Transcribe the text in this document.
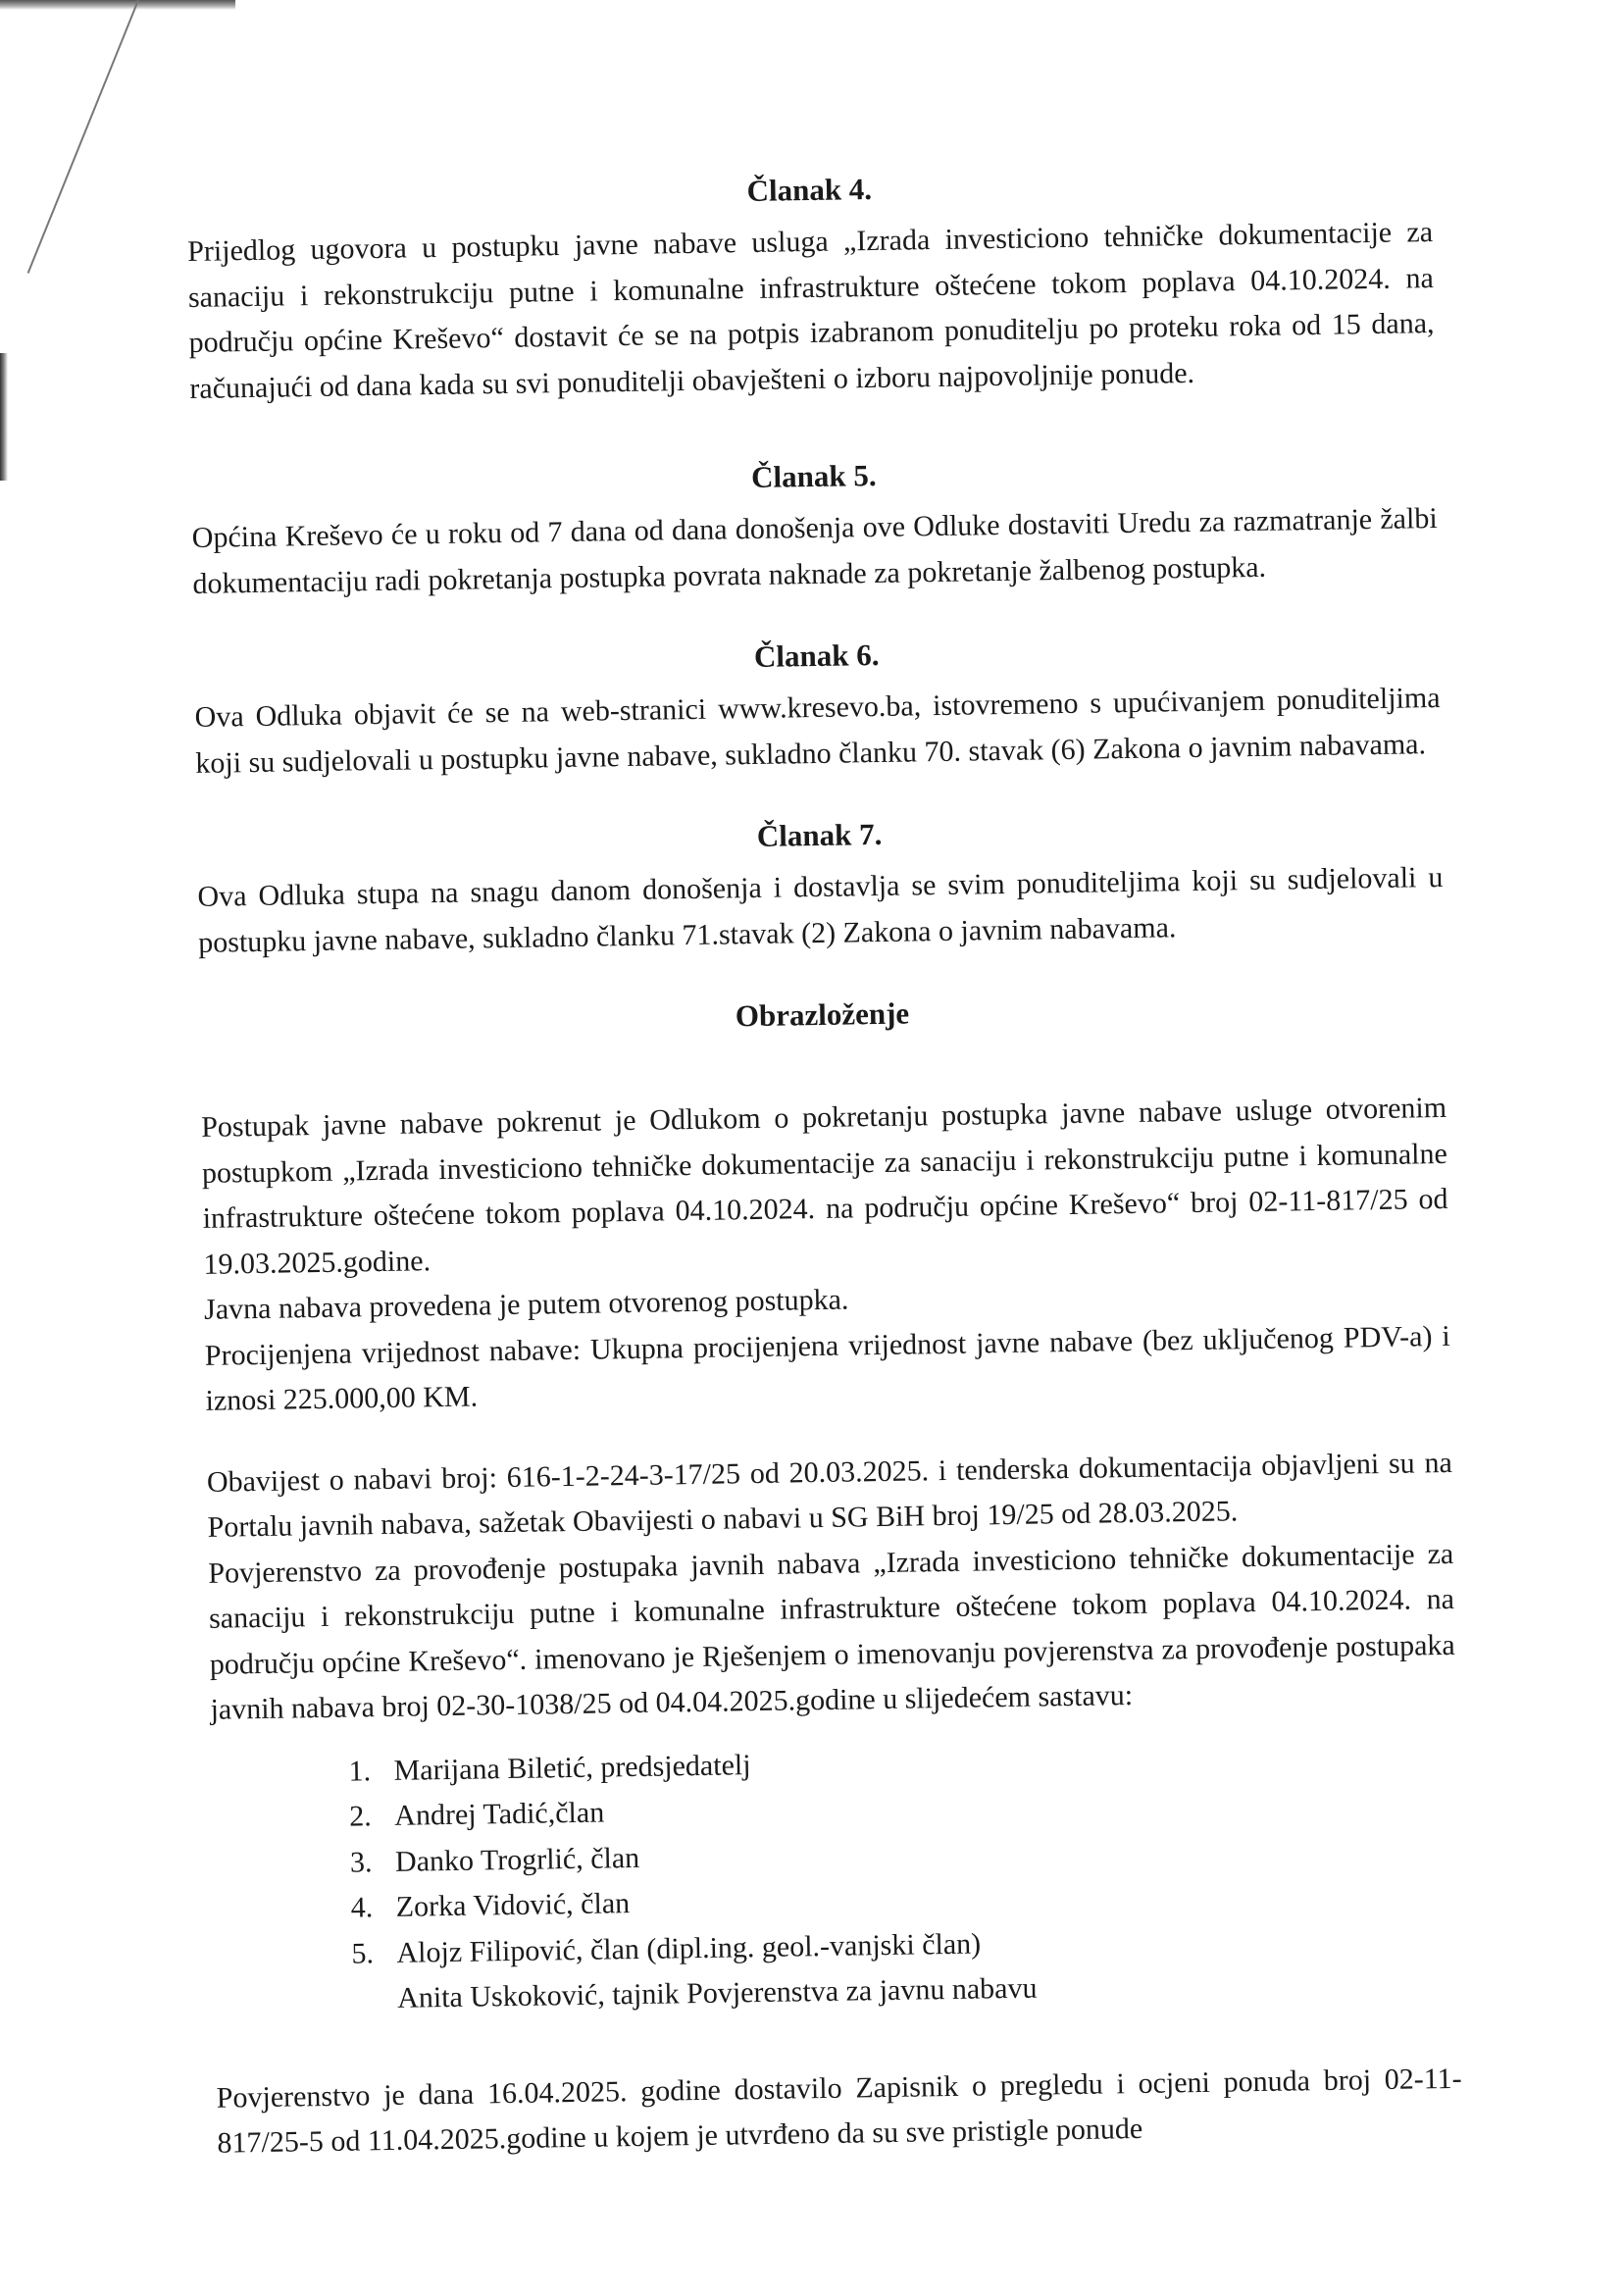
Članak 4.

Prijedlog ugovora u postupku javne nabave usluga „Izrada investiciono tehničke dokumentacije za sanaciju i rekonstrukciju putne i komunalne infrastrukture oštećene tokom poplava 04.10.2024. na području općine Kreševo“ dostavit će se na potpis izabranom ponuditelju po proteku roka od 15 dana, računajući od dana kada su svi ponuditelji obavješteni o izboru najpovoljnije ponude.

Članak 5.

Općina Kreševo će u roku od 7 dana od dana donošenja ove Odluke dostaviti Uredu za razmatranje žalbi dokumentaciju radi pokretanja postupka povrata naknade za pokretanje žalbenog postupka.

Članak 6.

Ova Odluka objavit će se na web-stranici www.kresevo.ba, istovremeno s upućivanjem ponuditeljima koji su sudjelovali u postupku javne nabave, sukladno članku 70. stavak (6) Zakona o javnim nabavama.

Članak 7.

Ova Odluka stupa na snagu danom donošenja i dostavlja se svim ponuditeljima koji su sudjelovali u postupku javne nabave, sukladno članku 71.stavak (2) Zakona o javnim nabavama.

Obrazloženje

Postupak javne nabave pokrenut je Odlukom o pokretanju postupka javne nabave usluge otvorenim postupkom „Izrada investiciono tehničke dokumentacije za sanaciju i rekonstrukciju putne i komunalne infrastrukture oštećene tokom poplava 04.10.2024. na području općine Kreševo“ broj 02-11-817/25 od 19.03.2025.godine.

Javna nabava provedena je putem otvorenog postupka.

Procijenjena vrijednost nabave: Ukupna procijenjena vrijednost javne nabave (bez uključenog PDV-a) i iznosi 225.000,00 KM.

Obavijest o nabavi broj: 616-1-2-24-3-17/25 od 20.03.2025. i tenderska dokumentacija objavljeni su na Portalu javnih nabava, sažetak Obavijesti o nabavi u SG BiH broj 19/25 od 28.03.2025.

Povjerenstvo za provođenje postupaka javnih nabava „Izrada investiciono tehničke dokumentacije za sanaciju i rekonstrukciju putne i komunalne infrastrukture oštećene tokom poplava 04.10.2024. na području općine Kreševo“. imenovano je Rješenjem o imenovanju povjerenstva za provođenje postupaka javnih nabava broj 02-30-1038/25 od 04.04.2025.godine u slijedećem sastavu:

1. Marijana Biletić, predsjedatelj
2. Andrej Tadić,član
3. Danko Trogrlić, član
4. Zorka Vidović, član
5. Alojz Filipović, član (dipl.ing. geol.-vanjski član)

Anita Uskoković, tajnik Povjerenstva za javnu nabavu

Povjerenstvo je dana 16.04.2025. godine dostavilo Zapisnik o pregledu i ocjeni ponuda broj 02-11-817/25-5 od 11.04.2025.godine u kojem je utvrđeno da su sve pristigle ponude
